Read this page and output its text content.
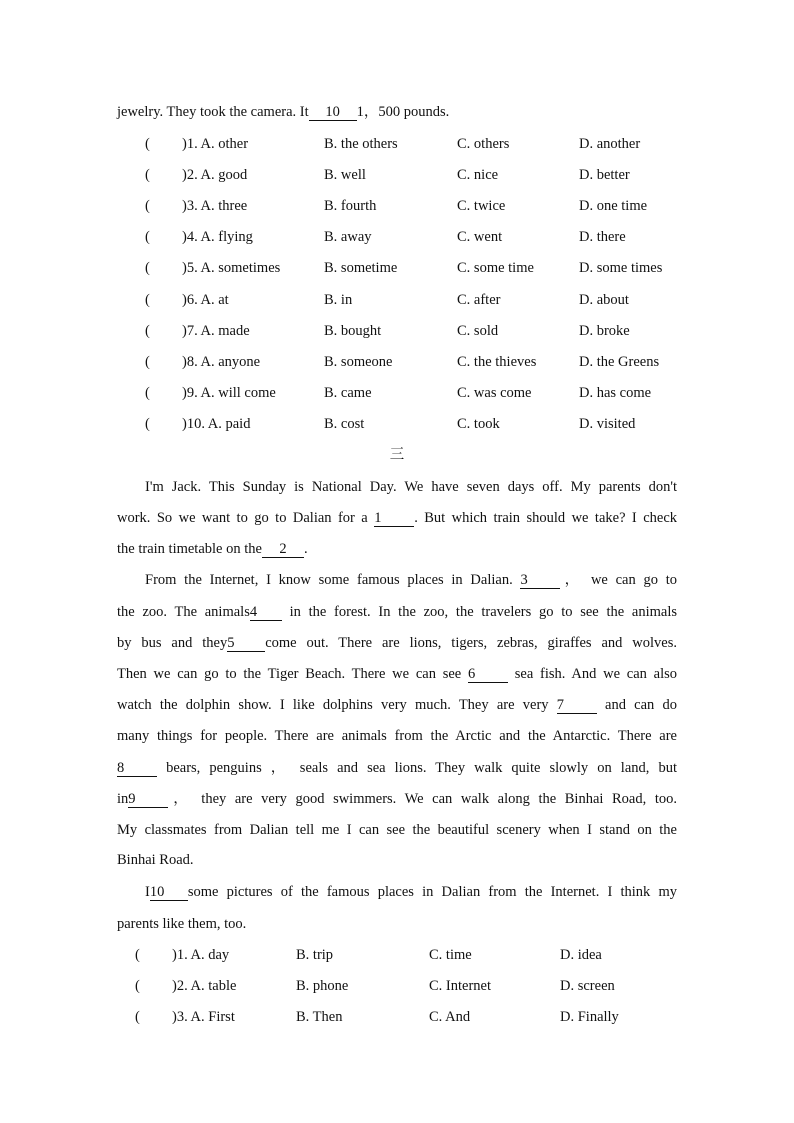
jewelry. They took the camera. It 10 1，500 pounds.
( )1. A. other	B. the others	C. others	D. another
( )2. A. good	B. well	C. nice	D. better
( )3. A. three	B. fourth	C. twice	D. one time
( )4. A. flying	B. away	C. went	D. there
( )5. A. sometimes	B. sometime	C. some time	D. some times
( )6. A. at	B. in	C. after	D. about
( )7. A. made	B. bought	C. sold	D. broke
( )8. A. anyone	B. someone	C. the thieves	D. the Greens
( )9. A. will come	B. came	C. was come	D. has come
( )10. A. paid	B. cost	C. took	D. visited
三
I'm Jack. This Sunday is National Day. We have seven days off. My parents don't
work. So we want to go to Dalian for a 1 . But which train should we take? I check
the train timetable on the 2 .
From the Internet, I know some famous places in Dalian. 3 ， we can go to
the zoo. The animals4 in the forest. In the zoo, the travelers go to see the animals
by bus and they5 come out. There are lions, tigers, zebras, giraffes and wolves.
Then we can go to the Tiger Beach. There we can see 6 sea fish. And we can also
watch the dolphin show. I like dolphins very much. They are very 7 and can do
many things for people. There are animals from the Arctic and the Antarctic. There are
8 bears, penguins ， seals and sea lions. They walk quite slowly on land, but
in9 ， they are very good swimmers. We can walk along the Binhai Road, too.
My classmates from Dalian tell me I can see the beautiful scenery when I stand on the
Binhai Road.
I10 some pictures of the famous places in Dalian from the Internet. I think my
parents like them, too.
( )1. A. day	B. trip	C. time	D. idea
( )2. A. table	B. phone	C. Internet	D. screen
( )3. A. First	B. Then	C. And	D. Finally
